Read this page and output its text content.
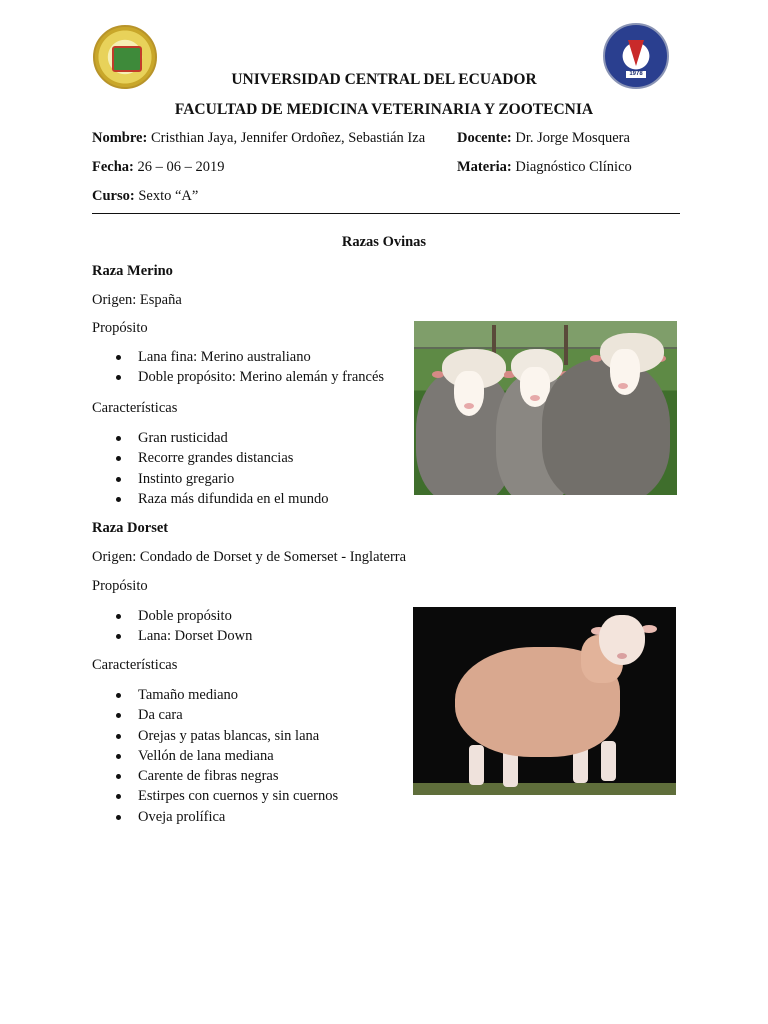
1978
UNIVERSIDAD CENTRAL DEL ECUADOR
FACULTAD DE MEDICINA VETERINARIA Y ZOOTECNIA
Nombre: Cristhian Jaya, Jennifer Ordoñez, Sebastián Iza Docente: Dr. Jorge Mosquera
Fecha: 26 – 06 – 2019	Materia: Diagnóstico Clínico
Curso: Sexto “A”
Razas Ovinas
Raza Merino
Origen: España
Propósito
Lana fina: Merino australiano
Doble propósito: Merino alemán y francés
Características
Gran rusticidad
Recorre grandes distancias
Instinto gregario
Raza más difundida en el mundo
Raza Dorset
Origen: Condado de Dorset y de Somerset - Inglaterra
Propósito
Doble propósito
Lana: Dorset Down
Características
Tamaño mediano
Da cara
Orejas y patas blancas, sin lana
Vellón de lana mediana
Carente de fibras negras
Estirpes con cuernos y sin cuernos
Oveja prolífica
